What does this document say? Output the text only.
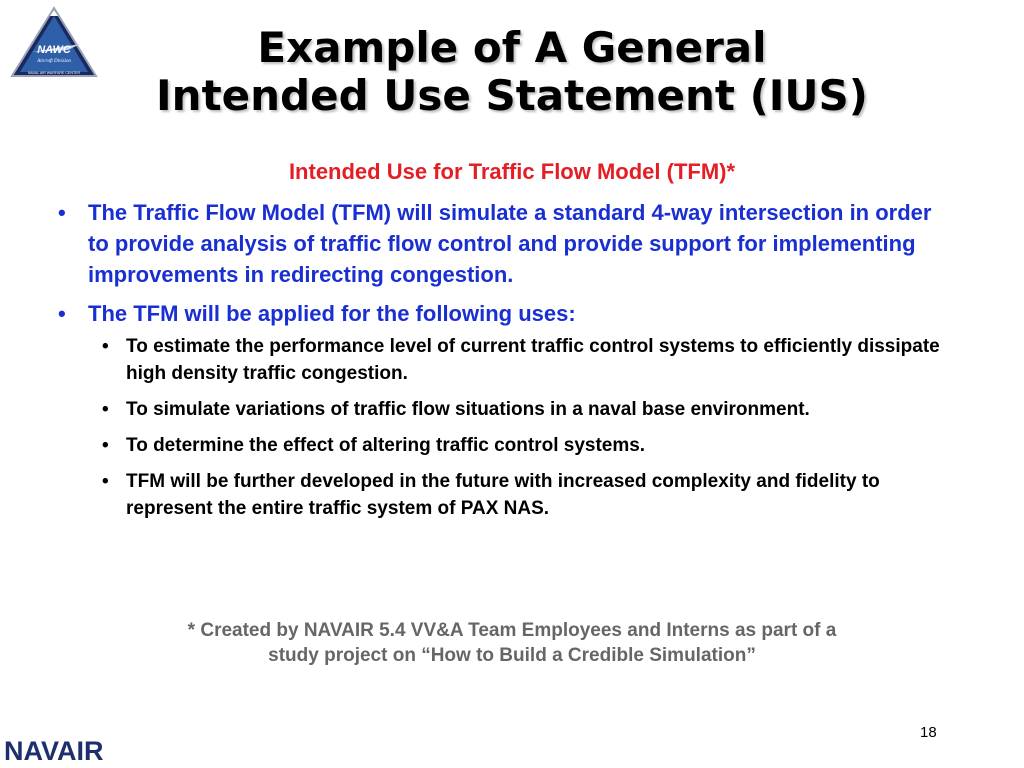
NAWC
Aircraft Division
NAVAL AIR WARFARE CENTER
Example of A General
Intended Use Statement (IUS)

Intended Use for Traffic Flow Model (TFM)*

• The Traffic Flow Model (TFM) will simulate a standard 4-way intersection in order to provide analysis of traffic flow control and provide support for implementing improvements in redirecting congestion.
• The TFM will be applied for the following uses:
• To estimate the performance level of current traffic control systems to efficiently dissipate high density traffic congestion.
• To simulate variations of traffic flow situations in a naval base environment.
• To determine the effect of altering traffic control systems.
• TFM will be further developed in the future with increased complexity and fidelity to represent the entire traffic system of PAX NAS.

* Created by NAVAIR 5.4 VV&A Team Employees and Interns as part of a
study project on “How to Build a Credible Simulation”

18
NAVAIR
